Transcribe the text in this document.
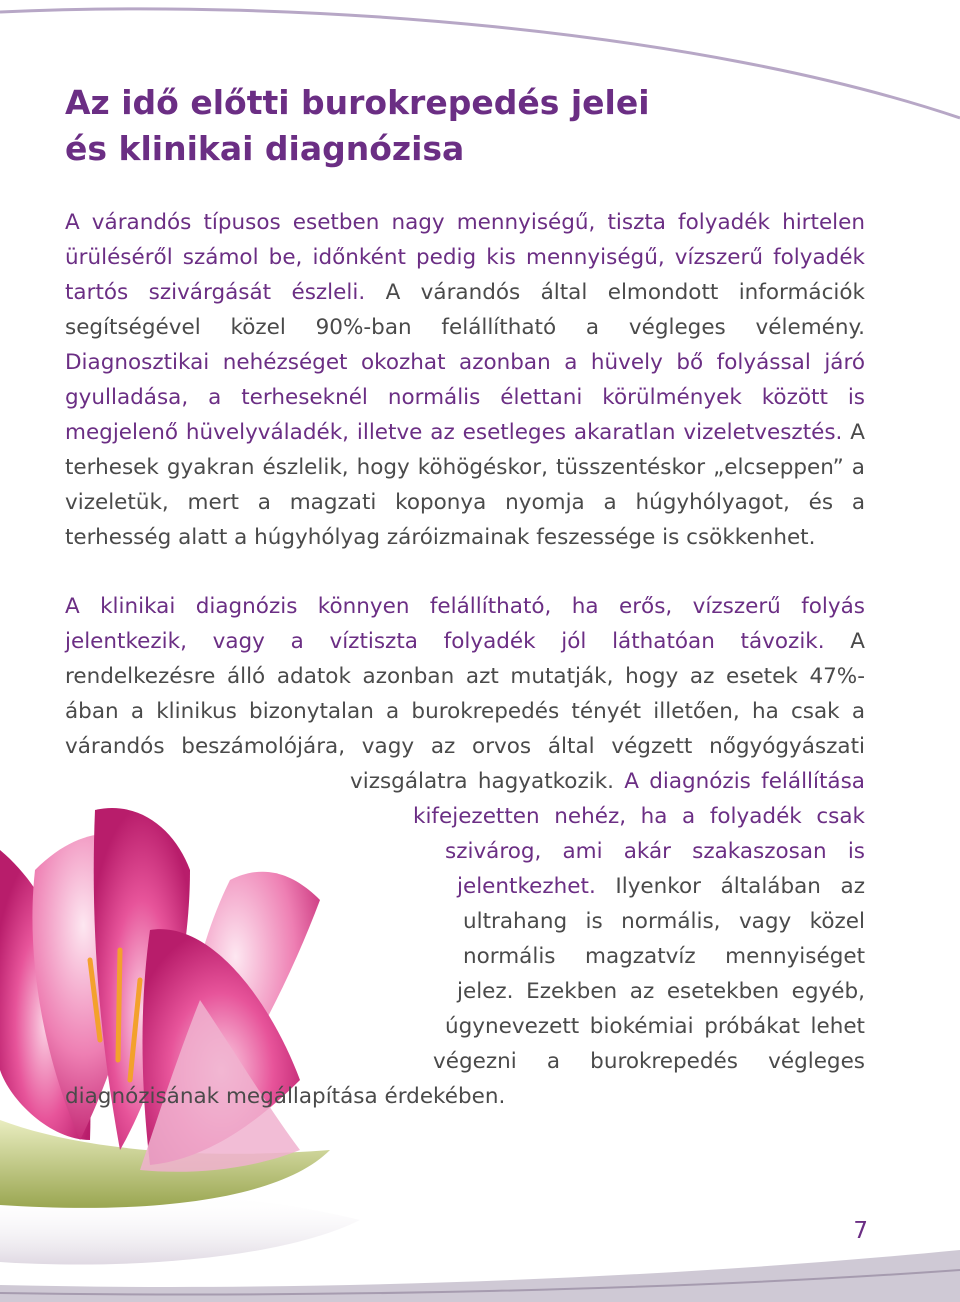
Az idő előtti burokrepedés jelei
és klinikai diagnózisa

A várandós típusos esetben nagy mennyiségű, tiszta folyadék hirtelen ürüléséről számol be, időnként pedig kis mennyiségű, vízszerű folyadék tartós szivárgását észleli. A várandós által elmondott információk segítségével közel 90%-ban felállítható a végleges vélemény. Diagnosztikai nehézséget okozhat azonban a hüvely bő folyással járó gyulladása, a terheseknél normális élettani körülmények között is megjelenő hüvelyváladék, illetve az esetleges akaratlan vizeletvesztés. A terhesek gyakran észlelik, hogy köhögéskor, tüsszentéskor „elcseppen” a vizeletük, mert a magzati koponya nyomja a húgyhólyagot, és a terhesség alatt a húgyhólyag záróizmainak feszessége is csökkenhet.

A klinikai diagnózis könnyen felállítható, ha erős, vízszerű folyás jelentkezik, vagy a víztiszta folyadék jól láthatóan távozik. A rendelkezésre álló adatok azonban azt mutatják, hogy az esetek 47%-ában a klinikus bizonytalan a burokrepedés tényét illetően, ha csak a várandós beszámolójára, vagy az orvos által végzett nőgyógyászati vizsgálatra hagyatkozik. A diagnózis felállítása kifejezetten nehéz, ha a folyadék csak szivárog, ami akár szakaszosan is jelentkezhet. Ilyenkor általában az ultrahang is normális, vagy közel normális magzatvíz mennyiséget jelez. Ezekben az esetekben egyéb, úgynevezett biokémiai próbákat lehet végezni a burokrepedés végleges diagnózisának megállapítása érdekében.

7
